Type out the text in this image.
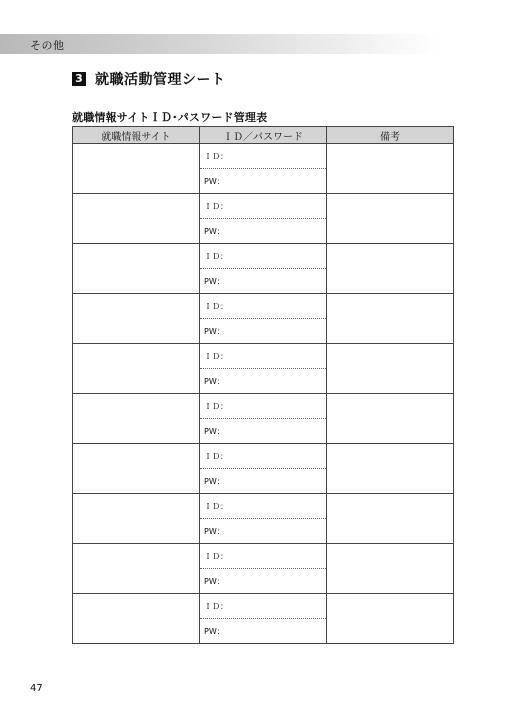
その他
3 就職活動管理シート
就職情報サイトＩＤ･パスワード管理表
就職情報サイト	ＩＤ／パスワード	備考
	ＩＤ：	
	PW：	
	ＩＤ：	
	PW：	
	ＩＤ：	
	PW：	
	ＩＤ：	
	PW：	
	ＩＤ：	
	PW：	
	ＩＤ：	
	PW：	
	ＩＤ：	
	PW：	
	ＩＤ：	
	PW：	
	ＩＤ：	
	PW：	
	ＩＤ：	
	PW：	
47
